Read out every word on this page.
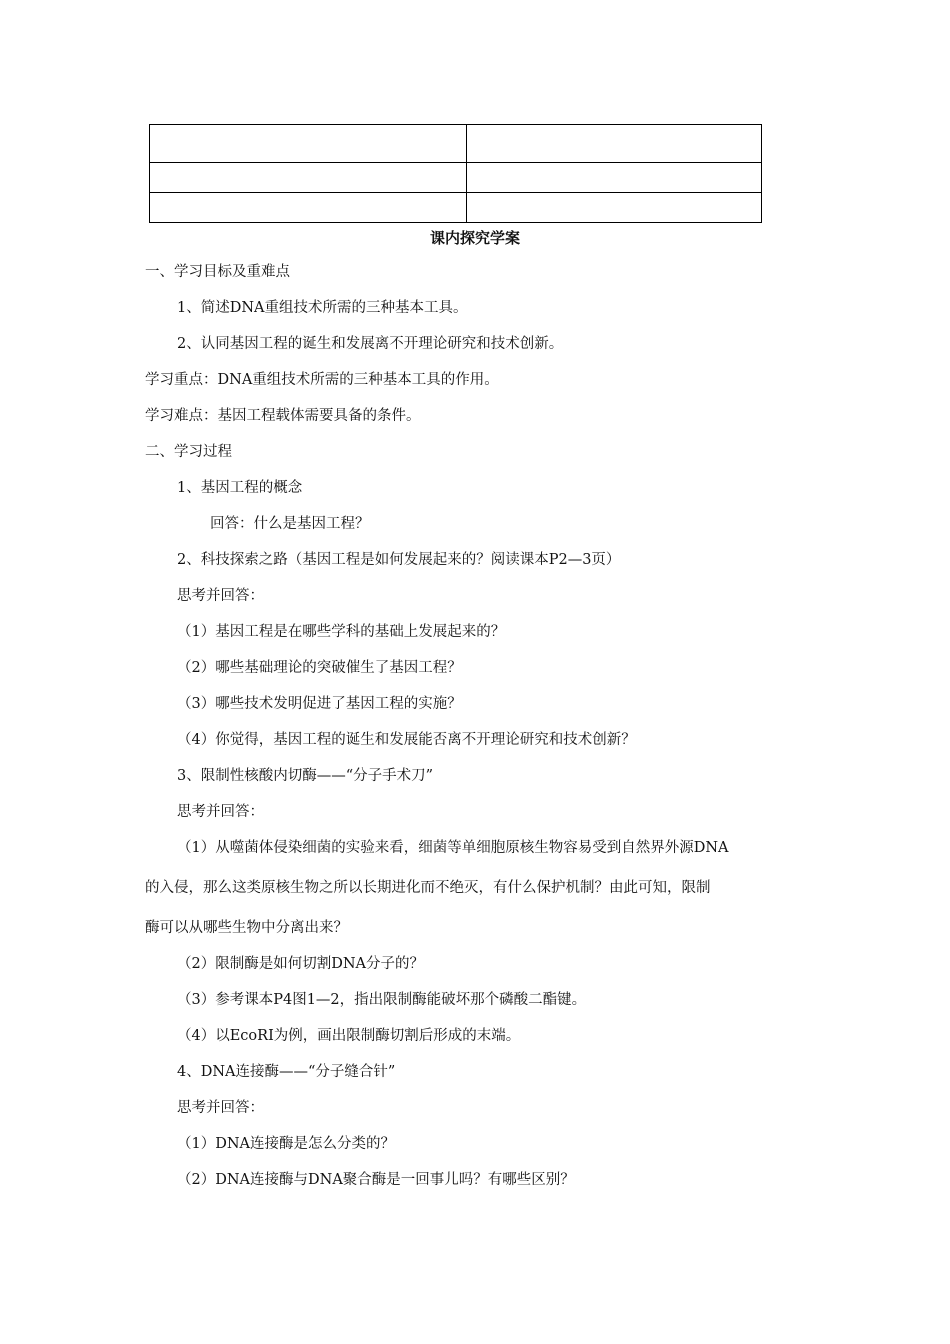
课内探究学案
一、学习目标及重难点
1、简述DNA重组技术所需的三种基本工具。
2、认同基因工程的诞生和发展离不开理论研究和技术创新。
学习重点：DNA重组技术所需的三种基本工具的作用。
学习难点：基因工程载体需要具备的条件。
二、学习过程
1、基因工程的概念
回答：什么是基因工程？
2、科技探索之路（基因工程是如何发展起来的？阅读课本P2—3页）
思考并回答：
（1）基因工程是在哪些学科的基础上发展起来的？
（2）哪些基础理论的突破催生了基因工程？
（3）哪些技术发明促进了基因工程的实施？
（4）你觉得，基因工程的诞生和发展能否离不开理论研究和技术创新？
3、限制性核酸内切酶——“分子手术刀”
思考并回答：
（1）从噬菌体侵染细菌的实验来看，细菌等单细胞原核生物容易受到自然界外源DNA
的入侵，那么这类原核生物之所以长期进化而不绝灭，有什么保护机制？由此可知，限制
酶可以从哪些生物中分离出来？
（2）限制酶是如何切割DNA分子的？
（3）参考课本P4图1—2，指出限制酶能破坏那个磷酸二酯键。
（4）以EcoRI为例，画出限制酶切割后形成的末端。
4、DNA连接酶——“分子缝合针”
思考并回答：
（1）DNA连接酶是怎么分类的？
（2）DNA连接酶与DNA聚合酶是一回事儿吗？有哪些区别？
